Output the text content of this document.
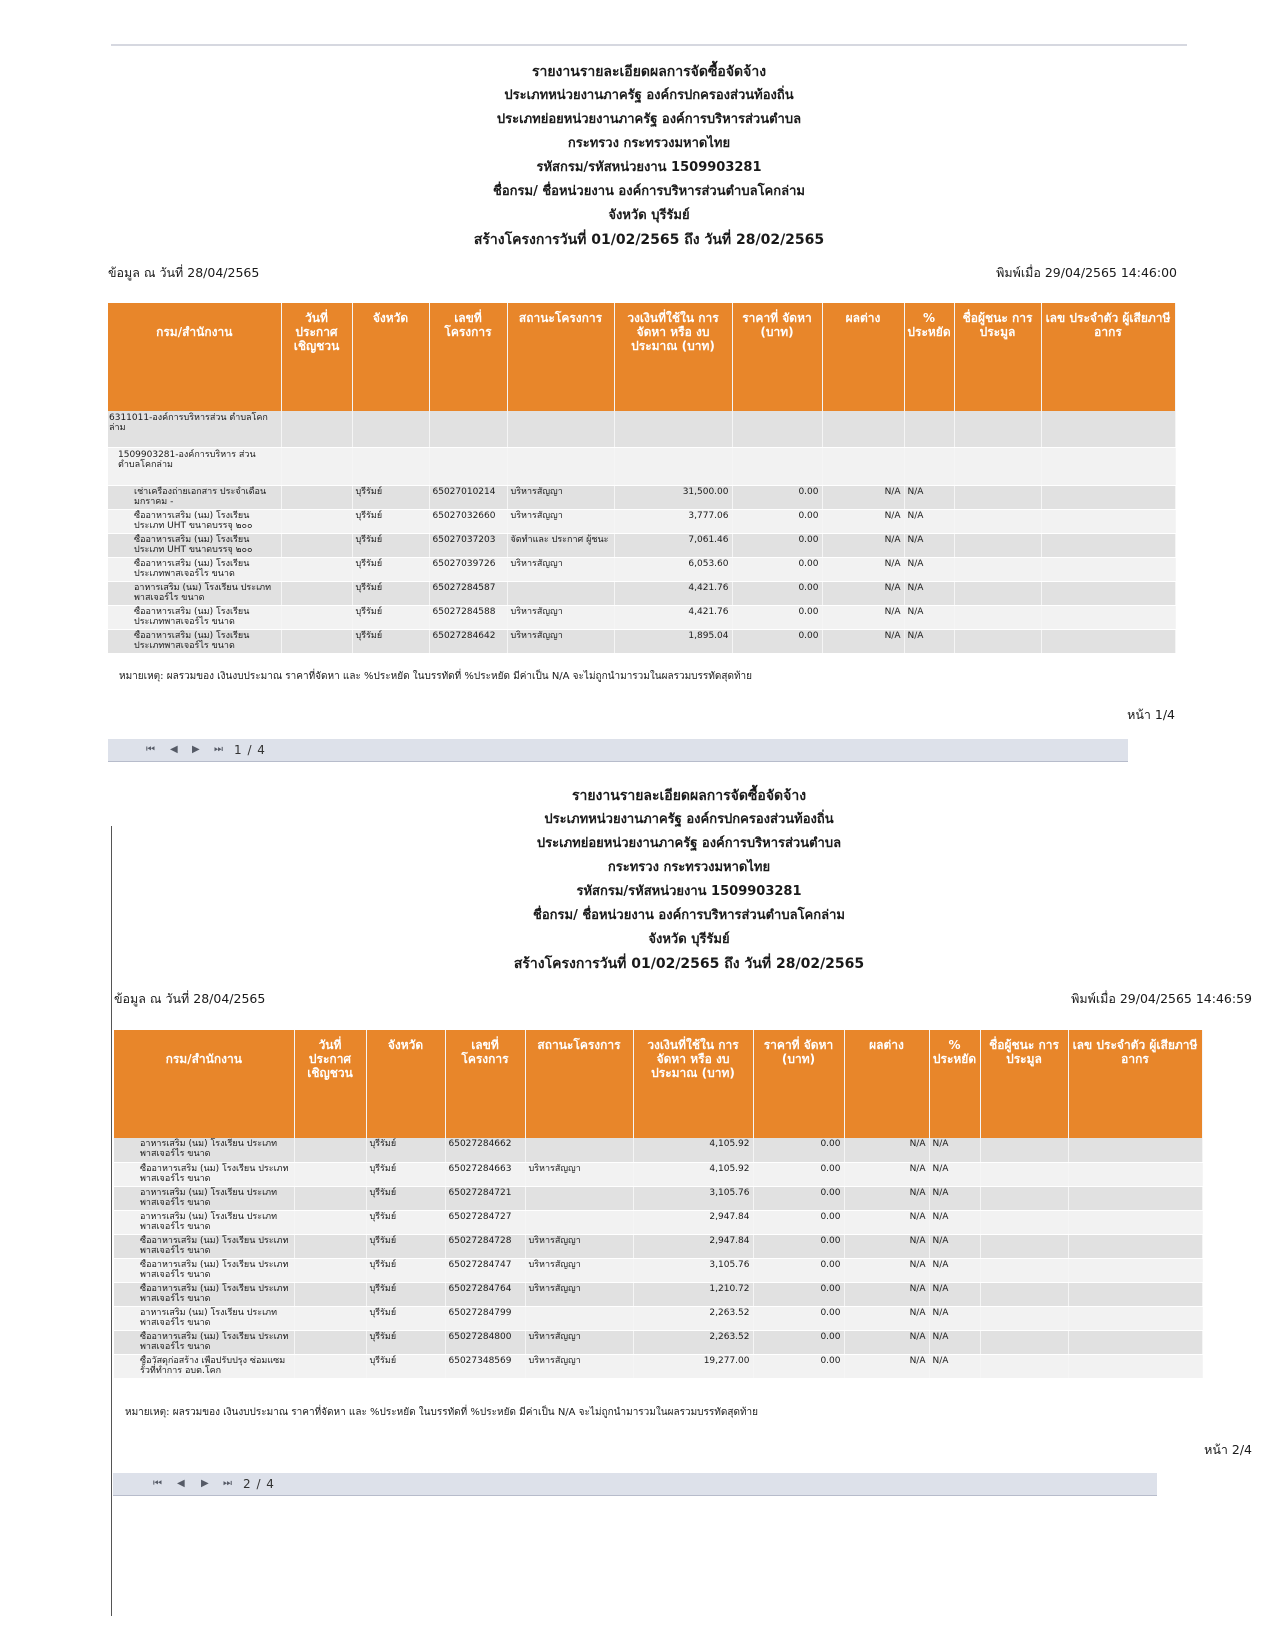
รายงานรายละเอียดผลการจัดซื้อจัดจ้าง
ประเภทหน่วยงานภาครัฐ องค์กรปกครองส่วนท้องถิ่น
ประเภทย่อยหน่วยงานภาครัฐ องค์การบริหารส่วนตำบล
กระทรวง กระทรวงมหาดไทย
รหัสกรม/รหัสหน่วยงาน 1509903281
ชื่อกรม/ ชื่อหน่วยงาน องค์การบริหารส่วนตำบลโคกล่าม
จังหวัด บุรีรัมย์
สร้างโครงการวันที่ 01/02/2565 ถึง วันที่ 28/02/2565
ข้อมูล ณ วันที่ 28/04/2565	พิมพ์เมื่อ 29/04/2565 14:46:00
กรม/สำนักงาน	วันที่ ประกาศ เชิญชวน	จังหวัด	เลขที่ โครงการ	สถานะโครงการ	วงเงินที่ใช้ใน การจัดหา หรือ งบประมาณ (บาท)	ราคาที่ จัดหา (บาท)	ผลต่าง	% ประหยัด	ชื่อผู้ชนะ การประมูล	เลข ประจำตัว ผู้เสียภาษี อากร
6311011-องค์การบริหารส่วน ตำบลโคกล่าม										
1509903281-องค์การบริหาร ส่วนตำบลโคกล่าม										
เช่าเครื่องถ่ายเอกสาร ประจำเดือน มกราคม -		บุรีรัมย์	65027010214	บริหารสัญญา	31,500.00	0.00	N/A	N/A		
ซื้ออาหารเสริม (นม) โรงเรียน ประเภท UHT ขนาดบรรจุ ๒๐๐		บุรีรัมย์	65027032660	บริหารสัญญา	3,777.06	0.00	N/A	N/A		
ซื้ออาหารเสริม (นม) โรงเรียน ประเภท UHT ขนาดบรรจุ ๒๐๐		บุรีรัมย์	65027037203	จัดทำและ ประกาศ ผู้ชนะ	7,061.46	0.00	N/A	N/A		
ซื้ออาหารเสริม (นม) โรงเรียน ประเภทพาสเจอร์ไร ขนาด		บุรีรัมย์	65027039726	บริหารสัญญา	6,053.60	0.00	N/A	N/A		
อาหารเสริม (นม) โรงเรียน ประเภทพาสเจอร์ไร ขนาด		บุรีรัมย์	65027284587		4,421.76	0.00	N/A	N/A		
ซื้ออาหารเสริม (นม) โรงเรียน ประเภทพาสเจอร์ไร ขนาด		บุรีรัมย์	65027284588	บริหารสัญญา	4,421.76	0.00	N/A	N/A		
ซื้ออาหารเสริม (นม) โรงเรียน ประเภทพาสเจอร์ไร ขนาด		บุรีรัมย์	65027284642	บริหารสัญญา	1,895.04	0.00	N/A	N/A		
หมายเหตุ: ผลรวมของ เงินงบประมาณ ราคาที่จัดหา และ %ประหยัด ในบรรทัดที่ %ประหยัด มีค่าเป็น N/A จะไม่ถูกนำมารวมในผลรวมบรรทัดสุดท้าย
หน้า 1/4
⏮ ◀ ▶ ⏭ 1 / 4
รายงานรายละเอียดผลการจัดซื้อจัดจ้าง
ประเภทหน่วยงานภาครัฐ องค์กรปกครองส่วนท้องถิ่น
ประเภทย่อยหน่วยงานภาครัฐ องค์การบริหารส่วนตำบล
กระทรวง กระทรวงมหาดไทย
รหัสกรม/รหัสหน่วยงาน 1509903281
ชื่อกรม/ ชื่อหน่วยงาน องค์การบริหารส่วนตำบลโคกล่าม
จังหวัด บุรีรัมย์
สร้างโครงการวันที่ 01/02/2565 ถึง วันที่ 28/02/2565
ข้อมูล ณ วันที่ 28/04/2565	พิมพ์เมื่อ 29/04/2565 14:46:59
กรม/สำนักงาน	วันที่ ประกาศ เชิญชวน	จังหวัด	เลขที่ โครงการ	สถานะโครงการ	วงเงินที่ใช้ใน การจัดหา หรือ งบประมาณ (บาท)	ราคาที่ จัดหา (บาท)	ผลต่าง	% ประหยัด	ชื่อผู้ชนะ การประมูล	เลข ประจำตัว ผู้เสียภาษี อากร
อาหารเสริม (นม) โรงเรียน ประเภทพาสเจอร์ไร ขนาด		บุรีรัมย์	65027284662		4,105.92	0.00	N/A	N/A		
ซื้ออาหารเสริม (นม) โรงเรียน ประเภทพาสเจอร์ไร ขนาด		บุรีรัมย์	65027284663	บริหารสัญญา	4,105.92	0.00	N/A	N/A		
อาหารเสริม (นม) โรงเรียน ประเภทพาสเจอร์ไร ขนาด		บุรีรัมย์	65027284721		3,105.76	0.00	N/A	N/A		
อาหารเสริม (นม) โรงเรียน ประเภทพาสเจอร์ไร ขนาด		บุรีรัมย์	65027284727		2,947.84	0.00	N/A	N/A		
ซื้ออาหารเสริม (นม) โรงเรียน ประเภทพาสเจอร์ไร ขนาด		บุรีรัมย์	65027284728	บริหารสัญญา	2,947.84	0.00	N/A	N/A		
ซื้ออาหารเสริม (นม) โรงเรียน ประเภทพาสเจอร์ไร ขนาด		บุรีรัมย์	65027284747	บริหารสัญญา	3,105.76	0.00	N/A	N/A		
ซื้ออาหารเสริม (นม) โรงเรียน ประเภทพาสเจอร์ไร ขนาด		บุรีรัมย์	65027284764	บริหารสัญญา	1,210.72	0.00	N/A	N/A		
อาหารเสริม (นม) โรงเรียน ประเภทพาสเจอร์ไร ขนาด		บุรีรัมย์	65027284799		2,263.52	0.00	N/A	N/A		
ซื้ออาหารเสริม (นม) โรงเรียน ประเภทพาสเจอร์ไร ขนาด		บุรีรัมย์	65027284800	บริหารสัญญา	2,263.52	0.00	N/A	N/A		
ซื้อวัสดุก่อสร้าง เพื่อปรับปรุง ซ่อมแซมรั้วที่ทำการ อบต.โคก		บุรีรัมย์	65027348569	บริหารสัญญา	19,277.00	0.00	N/A	N/A		
หมายเหตุ: ผลรวมของ เงินงบประมาณ ราคาที่จัดหา และ %ประหยัด ในบรรทัดที่ %ประหยัด มีค่าเป็น N/A จะไม่ถูกนำมารวมในผลรวมบรรทัดสุดท้าย
หน้า 2/4
⏮ ◀ ▶ ⏭ 2 / 4
